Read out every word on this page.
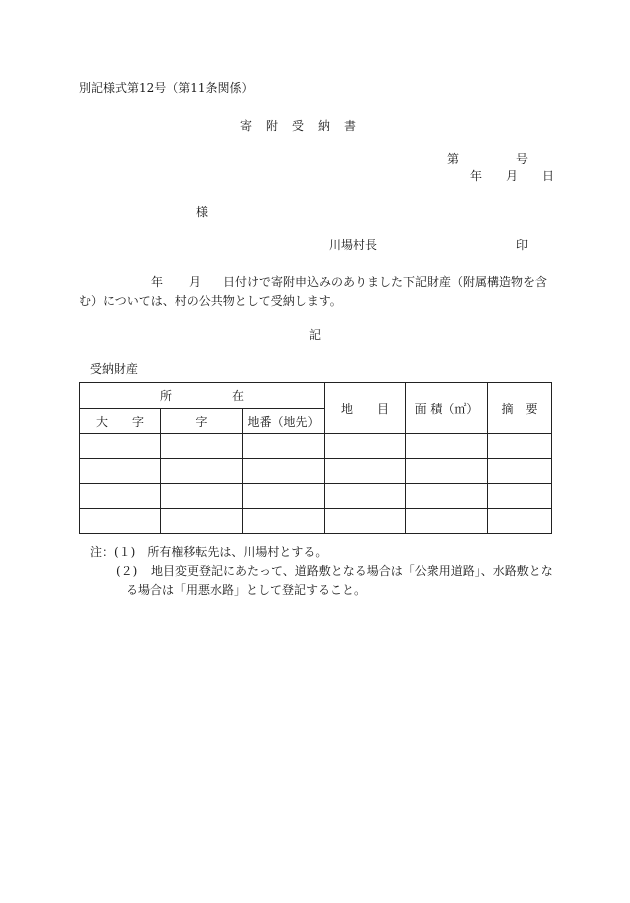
別記様式第12号（第11条関係）
寄　附　受　納　書
第	号
年 月 日
様
川場村長	印
年 月 日付けで寄附申込みのありました下記財産（附属構造物を含む）については、村の公共物として受納します。
記
受納財産
所　　　　　在			地　　目	面 積（㎡）	摘　要
大　　字	字	地番（地先）			

注：(１)　所有権移転先は、川場村とする。
(２) 地目変更登記にあたって、道路敷となる場合は「公衆用道路」、水路敷とな
る場合は「用悪水路」として登記すること。
